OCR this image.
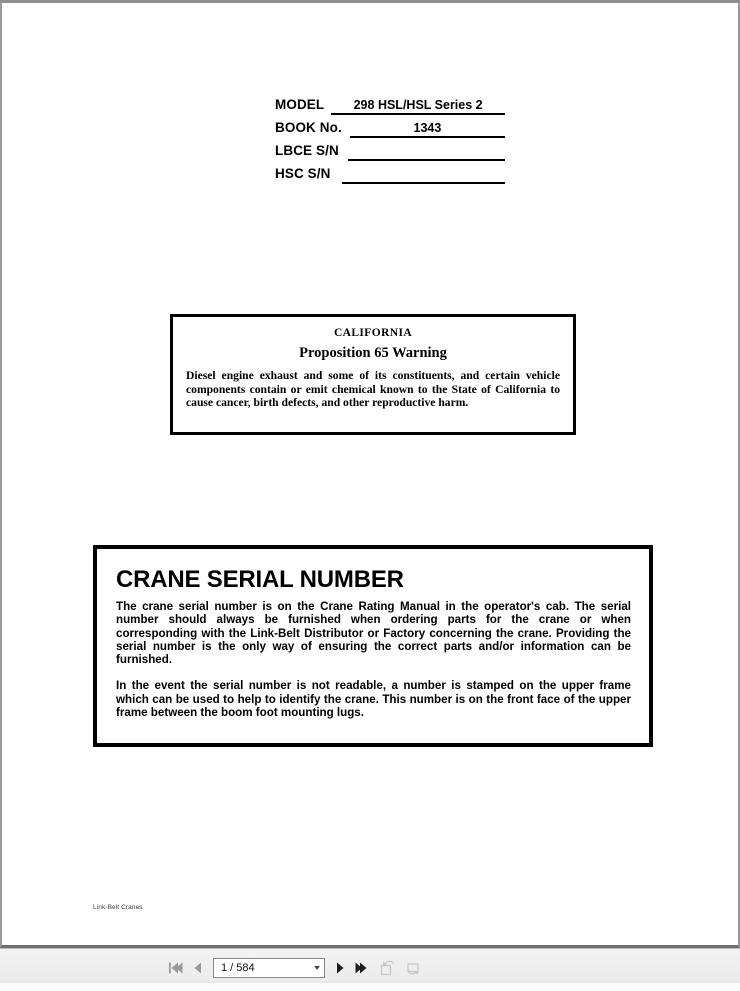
MODEL	298 HSL/HSL Series 2
BOOK No.	1343
LBCE S/N
HSC S/N
CALIFORNIA
Proposition 65 Warning
Diesel engine exhaust and some of its constituents, and certain vehicle components contain or emit chemical known to the State of California to cause cancer, birth defects, and other reproductive harm.
CRANE SERIAL NUMBER

The crane serial number is on the Crane Rating Manual in the operator's cab. The serial number should always be furnished when ordering parts for the crane or when corresponding with the Link-Belt Distributor or Factory concerning the crane. Providing the serial number is the only way of ensuring the correct parts and/or information can be furnished.

In the event the serial number is not readable, a number is stamped on the upper frame which can be used to help to identify the crane. This number is on the front face of the upper frame between the boom foot mounting lugs.

Link-Belt Cranes
1 / 584
